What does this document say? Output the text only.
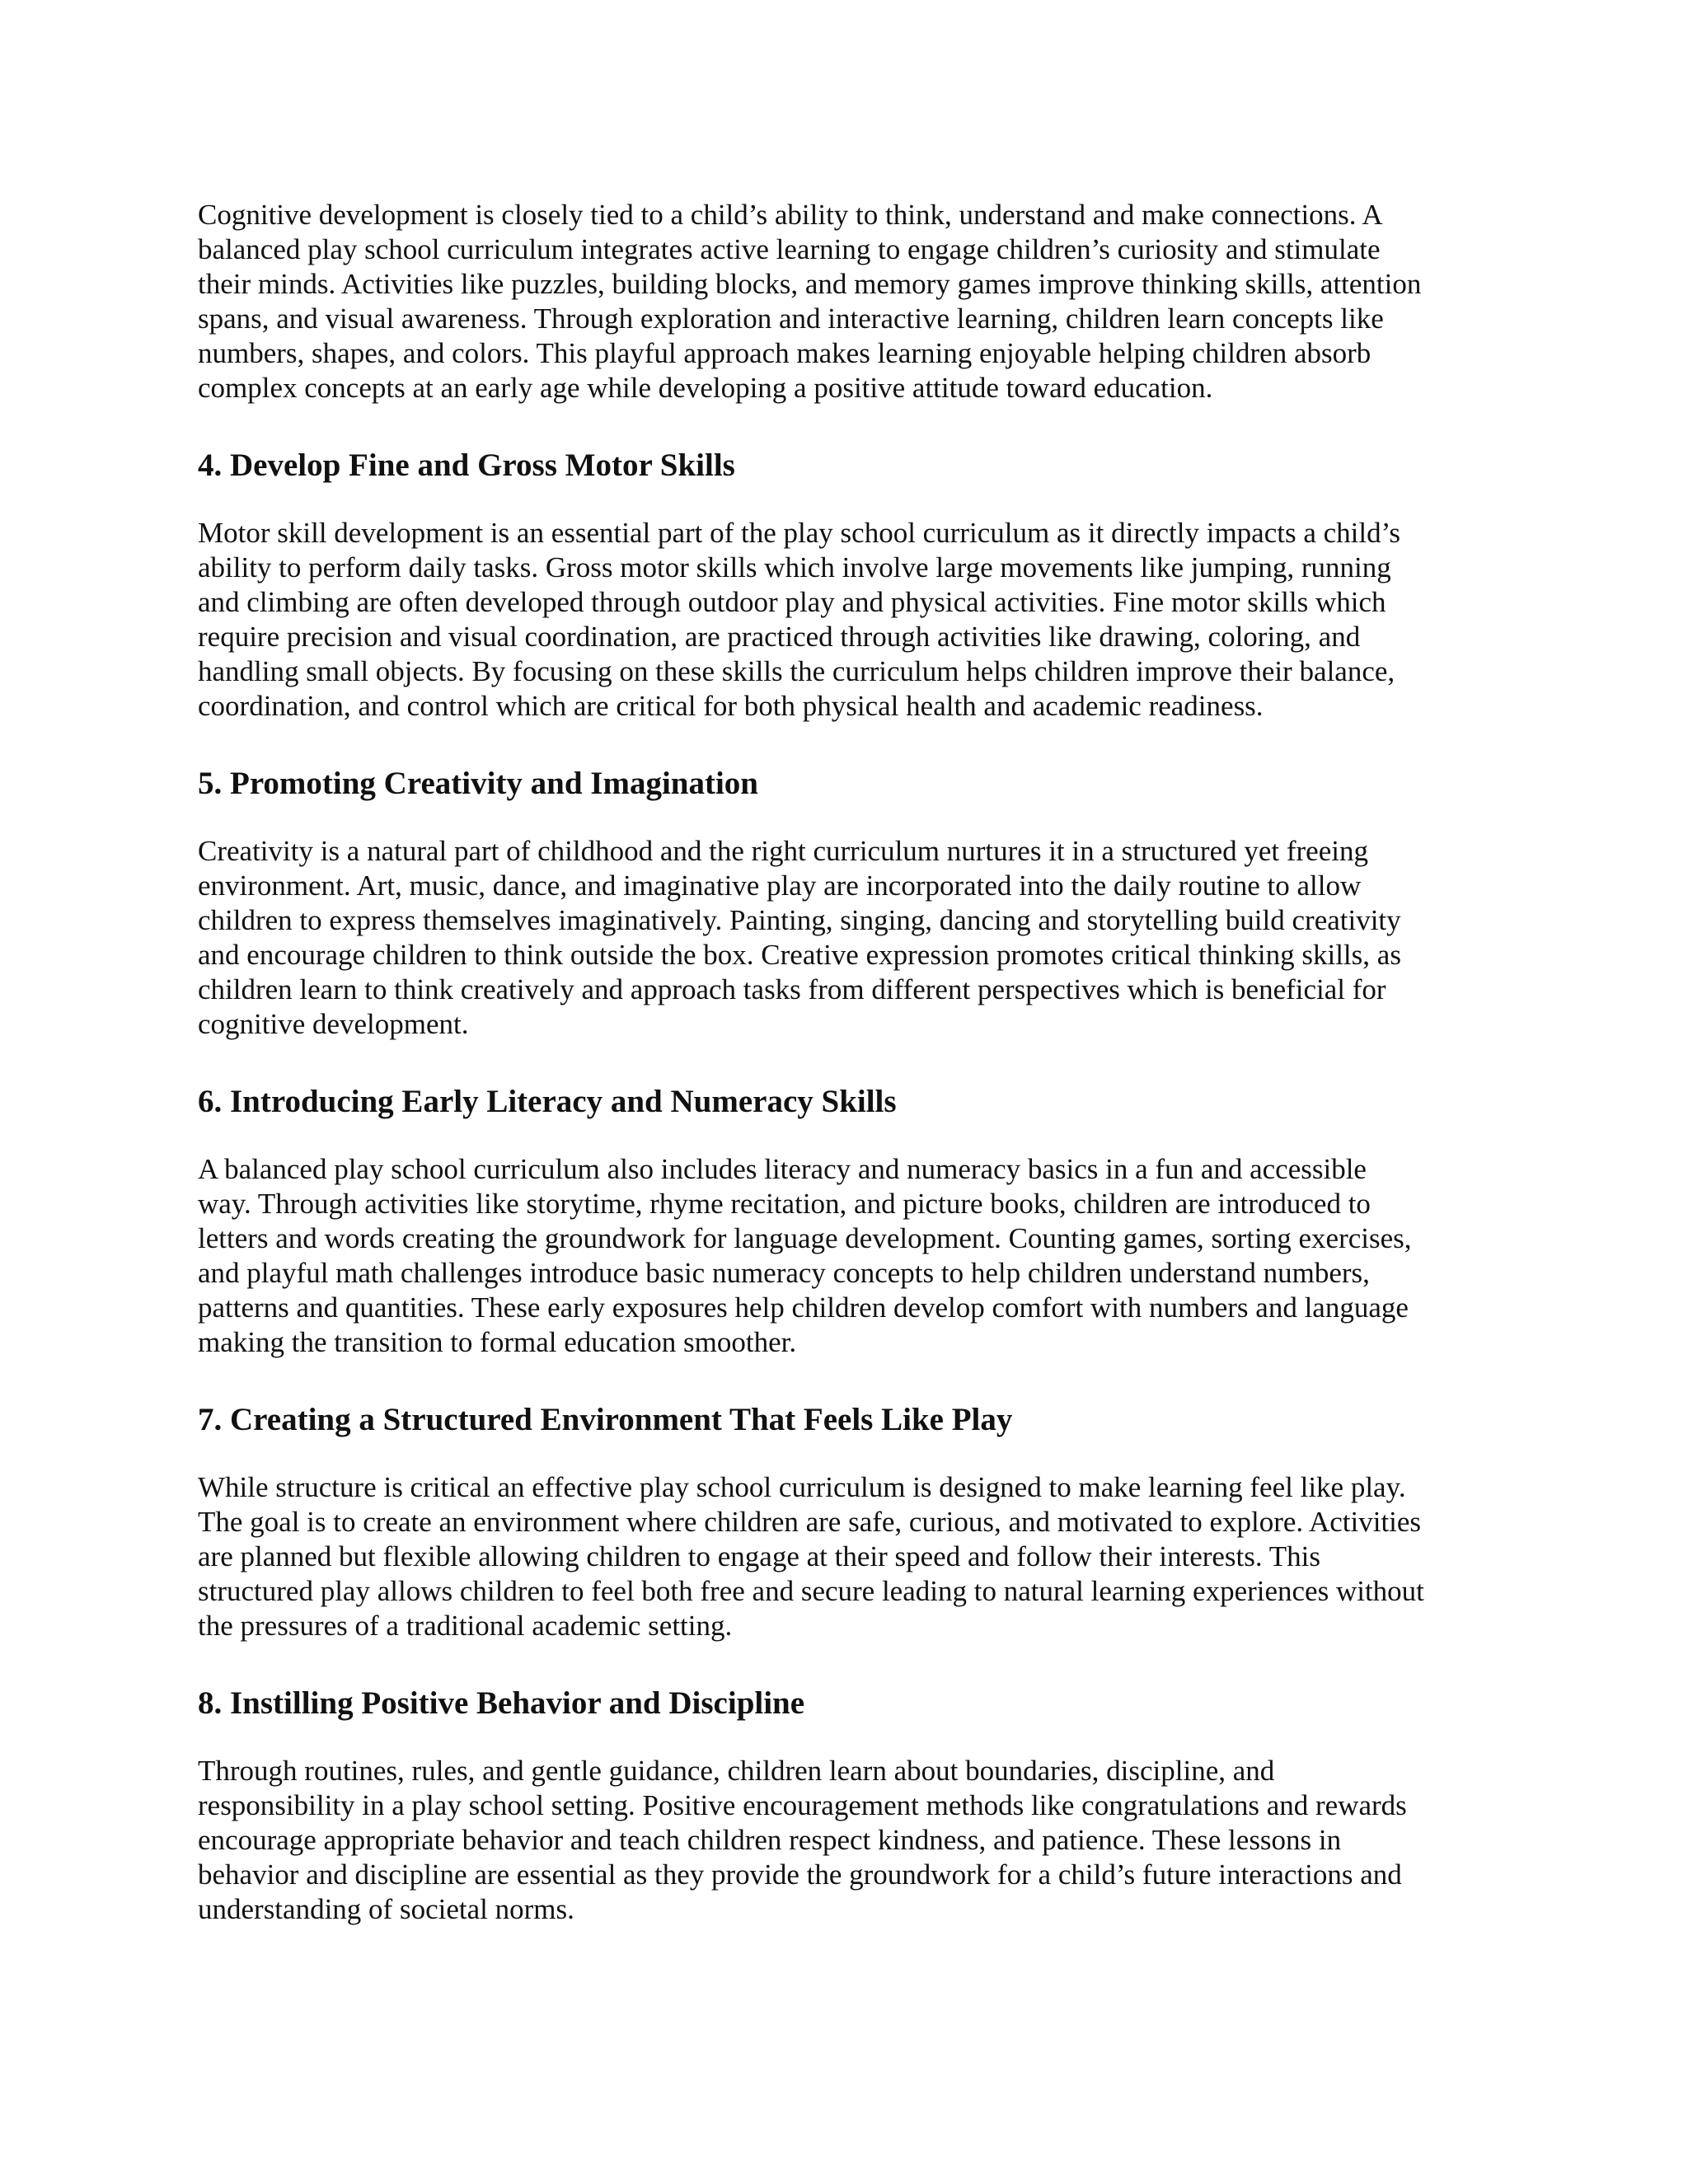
Cognitive development is closely tied to a child’s ability to think, understand and make connections. A
balanced play school curriculum integrates active learning to engage children’s curiosity and stimulate
their minds. Activities like puzzles, building blocks, and memory games improve thinking skills, attention
spans, and visual awareness. Through exploration and interactive learning, children learn concepts like
numbers, shapes, and colors. This playful approach makes learning enjoyable helping children absorb
complex concepts at an early age while developing a positive attitude toward education.

4. Develop Fine and Gross Motor Skills

Motor skill development is an essential part of the play school curriculum as it directly impacts a child’s
ability to perform daily tasks. Gross motor skills which involve large movements like jumping, running
and climbing are often developed through outdoor play and physical activities. Fine motor skills which
require precision and visual coordination, are practiced through activities like drawing, coloring, and
handling small objects. By focusing on these skills the curriculum helps children improve their balance,
coordination, and control which are critical for both physical health and academic readiness.

5. Promoting Creativity and Imagination

Creativity is a natural part of childhood and the right curriculum nurtures it in a structured yet freeing
environment. Art, music, dance, and imaginative play are incorporated into the daily routine to allow
children to express themselves imaginatively. Painting, singing, dancing and storytelling build creativity
and encourage children to think outside the box. Creative expression promotes critical thinking skills, as
children learn to think creatively and approach tasks from different perspectives which is beneficial for
cognitive development.

6. Introducing Early Literacy and Numeracy Skills

A balanced play school curriculum also includes literacy and numeracy basics in a fun and accessible
way. Through activities like storytime, rhyme recitation, and picture books, children are introduced to
letters and words creating the groundwork for language development. Counting games, sorting exercises,
and playful math challenges introduce basic numeracy concepts to help children understand numbers,
patterns and quantities. These early exposures help children develop comfort with numbers and language
making the transition to formal education smoother.

7. Creating a Structured Environment That Feels Like Play

While structure is critical an effective play school curriculum is designed to make learning feel like play.
The goal is to create an environment where children are safe, curious, and motivated to explore. Activities
are planned but flexible allowing children to engage at their speed and follow their interests. This
structured play allows children to feel both free and secure leading to natural learning experiences without
the pressures of a traditional academic setting.

8. Instilling Positive Behavior and Discipline

Through routines, rules, and gentle guidance, children learn about boundaries, discipline, and
responsibility in a play school setting. Positive encouragement methods like congratulations and rewards
encourage appropriate behavior and teach children respect kindness, and patience. These lessons in
behavior and discipline are essential as they provide the groundwork for a child’s future interactions and
understanding of societal norms.
